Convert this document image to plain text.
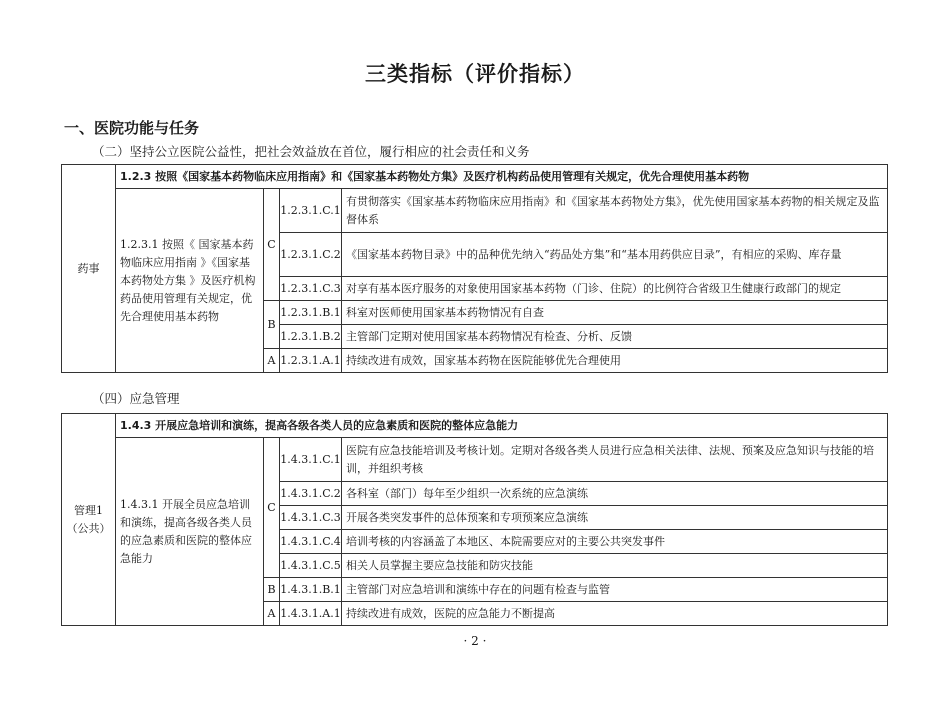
三类指标（评价指标）
一、医院功能与任务
（二）坚持公立医院公益性，把社会效益放在首位，履行相应的社会责任和义务
药事	1.2.3 按照《国家基本药物临床应用指南》和《国家基本药物处方集》及医疗机构药品使用管理有关规定，优先合理使用基本药物			
	1.2.3.1 按照《 国家基本药物临床应用指南 》《国家基本药物处方集 》及医疗机构药品使用管理有关规定，优先合理使用基本药物	C	1.2.3.1.C.1	有贯彻落实《国家基本药物临床应用指南》和《国家基本药物处方集》，优先使用国家基本药物的相关规定及监督体系
			1.2.3.1.C.2	《国家基本药物目录》中的品种优先纳入“药品处方集”和“基本用药供应目录”，有相应的采购、库存量
			1.2.3.1.C.3	对享有基本医疗服务的对象使用国家基本药物（门诊、住院）的比例符合省级卫生健康行政部门的规定
		B	1.2.3.1.B.1	科室对医师使用国家基本药物情况有自查
			1.2.3.1.B.2	主管部门定期对使用国家基本药物情况有检查、分析、反馈
		A	1.2.3.1.A.1	持续改进有成效，国家基本药物在医院能够优先合理使用
（四）应急管理
管理1
（公共）	1.4.3 开展应急培训和演练，提高各级各类人员的应急素质和医院的整体应急能力			
	1.4.3.1 开展全员应急培训和演练，提高各级各类人员的应急素质和医院的整体应急能力	C	1.4.3.1.C.1	医院有应急技能培训及考核计划。定期对各级各类人员进行应急相关法律、法规、预案及应急知识与技能的培训，并组织考核
			1.4.3.1.C.2	各科室（部门）每年至少组织一次系统的应急演练
			1.4.3.1.C.3	开展各类突发事件的总体预案和专项预案应急演练
			1.4.3.1.C.4	培训考核的内容涵盖了本地区、本院需要应对的主要公共突发事件
			1.4.3.1.C.5	相关人员掌握主要应急技能和防灾技能
		B	1.4.3.1.B.1	主管部门对应急培训和演练中存在的问题有检查与监管
		A	1.4.3.1.A.1	持续改进有成效，医院的应急能力不断提高
· 2 ·
